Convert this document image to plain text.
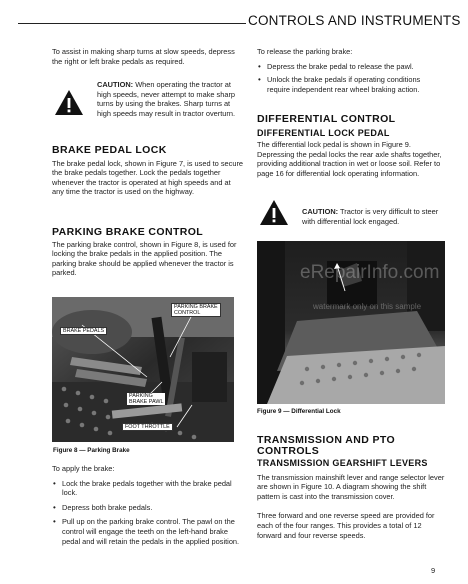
CONTROLS AND INSTRUMENTS

To assist in making sharp turns at slow speeds, depress the right or left brake pedals as required.

CAUTION: When operating the tractor at high speeds, never attempt to make sharp turns by using the brakes. Sharp turns at high speeds may result in tractor overturn.

BRAKE PEDAL LOCK

The brake pedal lock, shown in Figure 7, is used to secure the brake pedals together. Lock the pedals together whenever the tractor is operated at high speeds and at any time the tractor is used on the highway.

PARKING BRAKE CONTROL

The parking brake control, shown in Figure 8, is used for locking the brake pedals in the applied position. The parking brake should be applied whenever the tractor is parked.

PARKING BRAKE
CONTROL
BRAKE PEDALS
PARKING
BRAKE PAWL
FOOT THROTTLE
Figure 8 — Parking Brake

To apply the brake:

• Lock the brake pedals together with the brake pedal lock.

• Depress both brake pedals.

• Pull up on the parking brake control. The pawl on the control will engage the teeth on the left-hand brake pedal and will retain the pedals in the applied position.

To release the parking brake:

• Depress the brake pedal to release the pawl.

• Unlock the brake pedals if operating conditions require independent rear wheel braking action.

DIFFERENTIAL CONTROL
DIFFERENTIAL LOCK PEDAL

The differential lock pedal is shown in Figure 9. Depressing the pedal locks the rear axle shafts together, providing additional traction in wet or loose soil. Refer to page 16 for differential lock operating information.

CAUTION: Tractor is very difficult to steer with differential lock engaged.

eRepairInfo.com
watermark only on this sample
Figure 9 — Differential Lock
TRANSMISSION AND PTO CONTROLS
TRANSMISSION GEARSHIFT LEVERS

The transmission mainshift lever and range selector lever are shown in Figure 10. A diagram showing the shift pattern is cast into the transmission cover.

Three forward and one reverse speed are provided for each of the four ranges. This provides a total of 12 forward and four reverse speeds.

9
